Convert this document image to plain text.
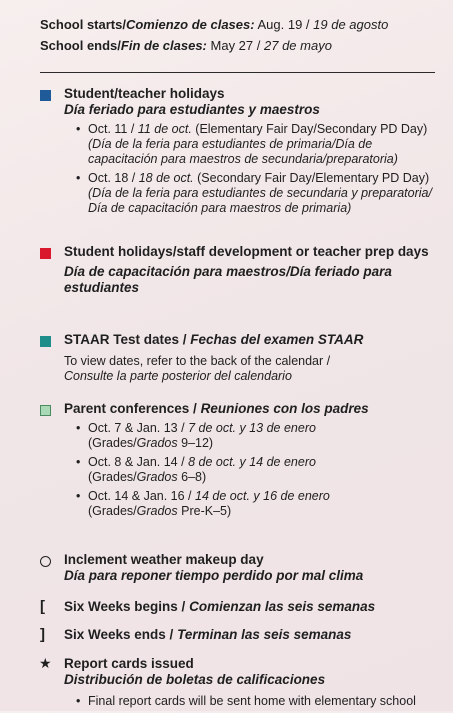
School starts/Comienzo de clases: Aug. 19 / 19 de agosto
School ends/Fin de clases: May 27 / 27 de mayo
Student/teacher holidays
Día feriado para estudiantes y maestros
• Oct. 11 / 11 de oct. (Elementary Fair Day/Secondary PD Day)
(Día de la feria para estudiantes de primaria/Día de capacitación para maestros de secundaria/preparatoria)
• Oct. 18 / 18 de oct. (Secondary Fair Day/Elementary PD Day)
(Día de la feria para estudiantes de secundaria y preparatoria/ Día de capacitación para maestros de primaria)
Student holidays/staff development or teacher prep days
Día de capacitación para maestros/Día feriado para estudiantes
STAAR Test dates / Fechas del examen STAAR
To view dates, refer to the back of the calendar /
Consulte la parte posterior del calendario
Parent conferences / Reuniones con los padres
• Oct. 7 & Jan. 13 / 7 de oct. y 13 de enero
(Grades/Grados 9–12)
• Oct. 8 & Jan. 14 / 8 de oct. y 14 de enero
(Grades/Grados 6–8)
• Oct. 14 & Jan. 16 / 14 de oct. y 16 de enero
(Grades/Grados Pre-K–5)
Inclement weather makeup day
Día para reponer tiempo perdido por mal clima
[ Six Weeks begins / Comienzan las seis semanas
] Six Weeks ends / Terminan las seis semanas
★ Report cards issued
Distribución de boletas de calificaciones
• Final report cards will be sent home with elementary school
